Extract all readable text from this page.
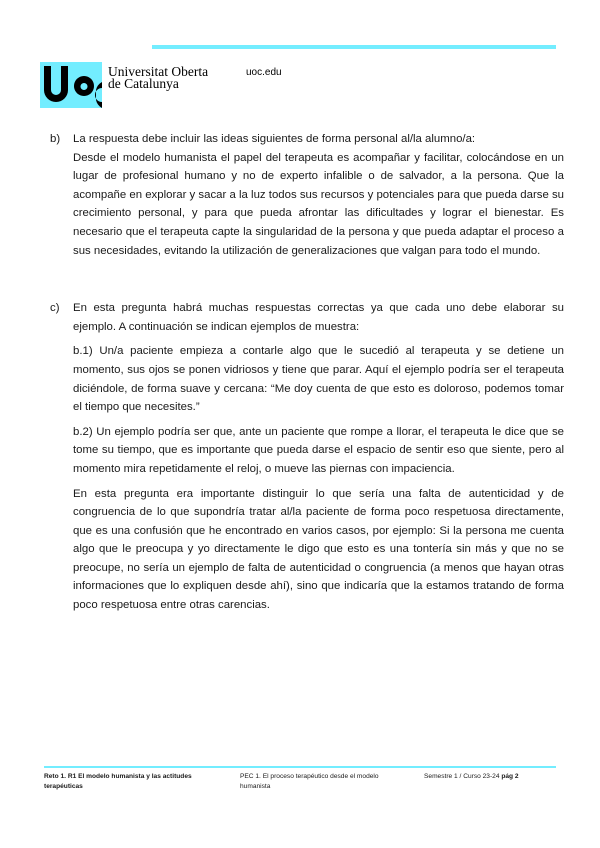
Universitat Oberta
de Catalunya
uoc.edu
b) La respuesta debe incluir las ideas siguientes de forma personal al/la alumno/a:

Desde el modelo humanista el papel del terapeuta es acompañar y facilitar, colocándose en un lugar de profesional humano y no de experto infalible o de salvador, a la persona. Que la acompañe en explorar y sacar a la luz todos sus recursos y potenciales para que pueda darse su crecimiento personal, y para que pueda afrontar las dificultades y lograr el bienestar. Es necesario que el terapeuta capte la singularidad de la persona y que pueda adaptar el proceso a sus necesidades, evitando la utilización de generalizaciones que valgan para todo el mundo.

c) En esta pregunta habrá muchas respuestas correctas ya que cada uno debe elaborar su ejemplo. A continuación se indican ejemplos de muestra:

b.1) Un/a paciente empieza a contarle algo que le sucedió al terapeuta y se detiene un momento, sus ojos se ponen vidriosos y tiene que parar. Aquí el ejemplo podría ser el terapeuta diciéndole, de forma suave y cercana: “Me doy cuenta de que esto es doloroso, podemos tomar el tiempo que necesites.”

b.2) Un ejemplo podría ser que, ante un paciente que rompe a llorar, el terapeuta le dice que se tome su tiempo, que es importante que pueda darse el espacio de sentir eso que siente, pero al momento mira repetidamente el reloj, o mueve las piernas con impaciencia.

En esta pregunta era importante distinguir lo que sería una falta de autenticidad y de congruencia de lo que supondría tratar al/la paciente de forma poco respetuosa directamente, que es una confusión que he encontrado en varios casos, por ejemplo: Si la persona me cuenta algo que le preocupa y yo directamente le digo que esto es una tontería sin más y que no se preocupe, no sería un ejemplo de falta de autenticidad o congruencia (a menos que hayan otras informaciones que lo expliquen desde ahí), sino que indicaría que la estamos tratando de forma poco respetuosa entre otras carencias.

Reto 1. R1 El modelo humanista y las actitudes terapéuticas
PEC 1. El proceso terapéutico desde el modelo humanista
Semestre 1 / Curso 23-24 pág 2
